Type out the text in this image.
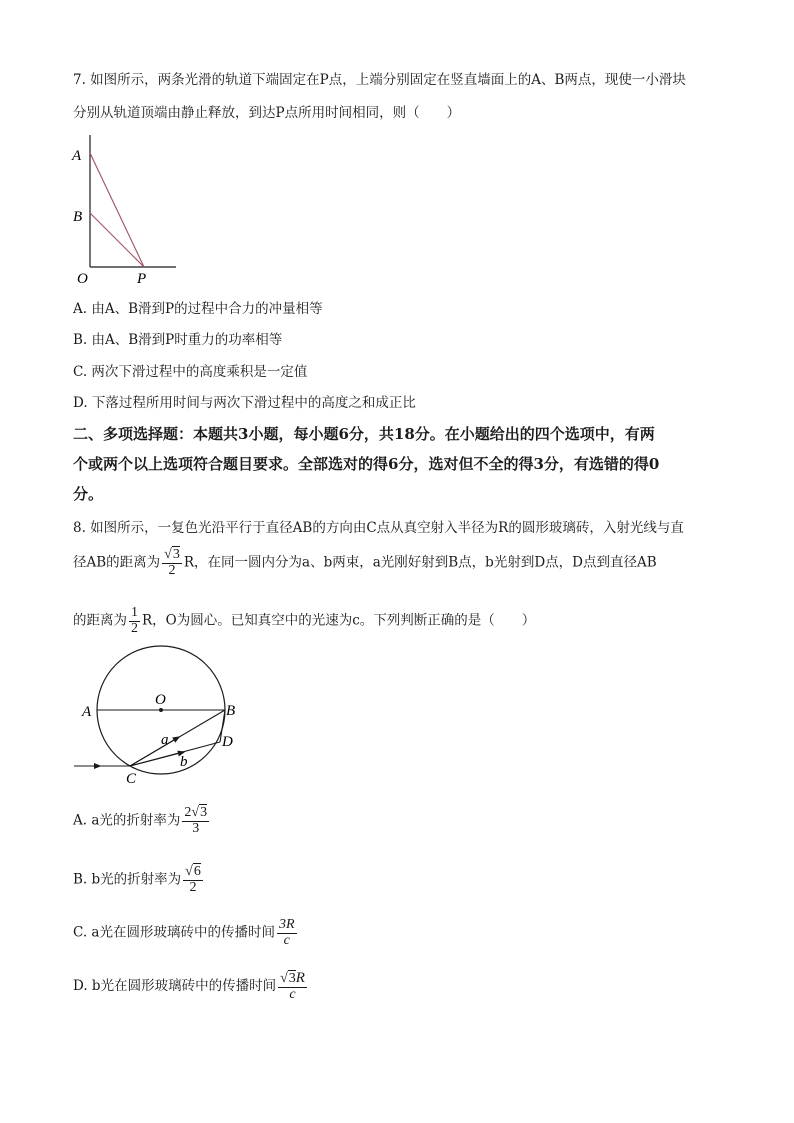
7. 如图所示，两条光滑的轨道下端固定在P点，上端分别固定在竖直墙面上的A、B两点，现使一小滑块
分别从轨道顶端由静止释放，到达P点所用时间相同，则（　　）
A
B
O	P
A. 由A、B滑到P的过程中合力的冲量相等
B. 由A、B滑到P时重力的功率相等
C. 两次下滑过程中的高度乘积是一定值
D. 下落过程所用时间与两次下滑过程中的高度之和成正比
二、多项选择题：本题共3小题，每小题6分，共18分。在小题给出的四个选项中，有两
个或两个以上选项符合题目要求。全部选对的得6分，选对但不全的得3分，有选错的得0
分。
8. 如图所示，一复色光沿平行于直径AB的方向由C点从真空射入半径为R的圆形玻璃砖，入射光线与直
径AB的距离为 $\frac{√3}{2}$ R，在同一圆内分为a、b两束，a光刚好射到B点，b光射到D点，D点到直径AB
的距离为 $\frac{1}{2}$ R，O为圆心。已知真空中的光速为c。下列判断正确的是（　　）
A
O
B
D
C
a
b
A. a光的折射率为 $\frac{2√3}{3}$
B. b光的折射率为 $\frac{√6}{2}$
C. a光在圆形玻璃砖中的传播时间 $\frac{3R}{c}$
D. b光在圆形玻璃砖中的传播时间 $\frac{√3R}{c}$
